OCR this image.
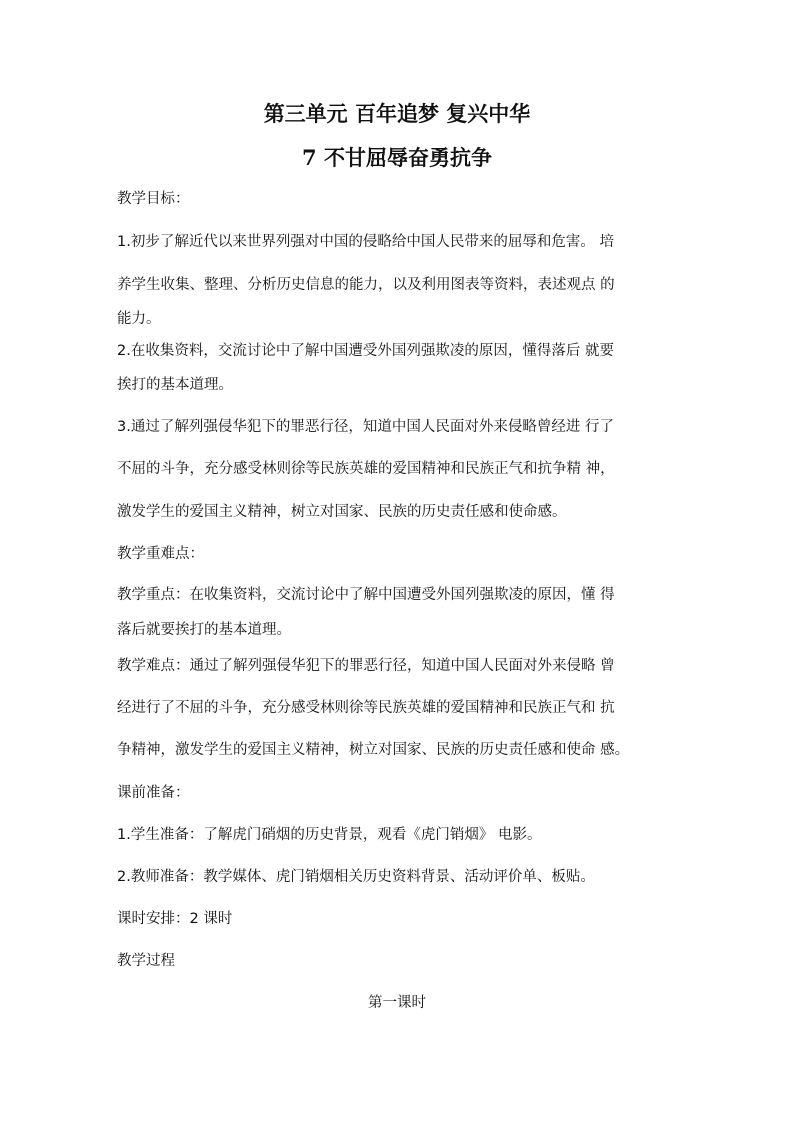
第三单元 百年追梦 复兴中华
7 不甘屈辱奋勇抗争

教学目标：

1.初步了解近代以来世界列强对中国的侵略给中国人民带来的屈辱和危害。 培

养学生收集、整理、分析历史信息的能力，以及利用图表等资料，表述观点 的

能力。

2.在收集资料，交流讨论中了解中国遭受外国列强欺凌的原因，懂得落后 就要

挨打的基本道理。

3.通过了解列强侵华犯下的罪恶行径，知道中国人民面对外来侵略曾经进 行了

不屈的斗争，充分感受林则徐等民族英雄的爱国精神和民族正气和抗争精 神，

激发学生的爱国主义精神，树立对国家、民族的历史责任感和使命感。

教学重难点：

教学重点：在收集资料，交流讨论中了解中国遭受外国列强欺凌的原因，懂 得

落后就要挨打的基本道理。

教学难点：通过了解列强侵华犯下的罪恶行径，知道中国人民面对外来侵略 曾

经进行了不屈的斗争，充分感受林则徐等民族英雄的爱国精神和民族正气和 抗

争精神，激发学生的爱国主义精神，树立对国家、民族的历史责任感和使命 感。

课前准备：

1.学生准备：了解虎门硝烟的历史背景，观看《虎门销烟》 电影。

2.教师准备：教学媒体、虎门销烟相关历史资料背景、活动评价单、板贴。

课时安排：2 课时

教学过程

第一课时
